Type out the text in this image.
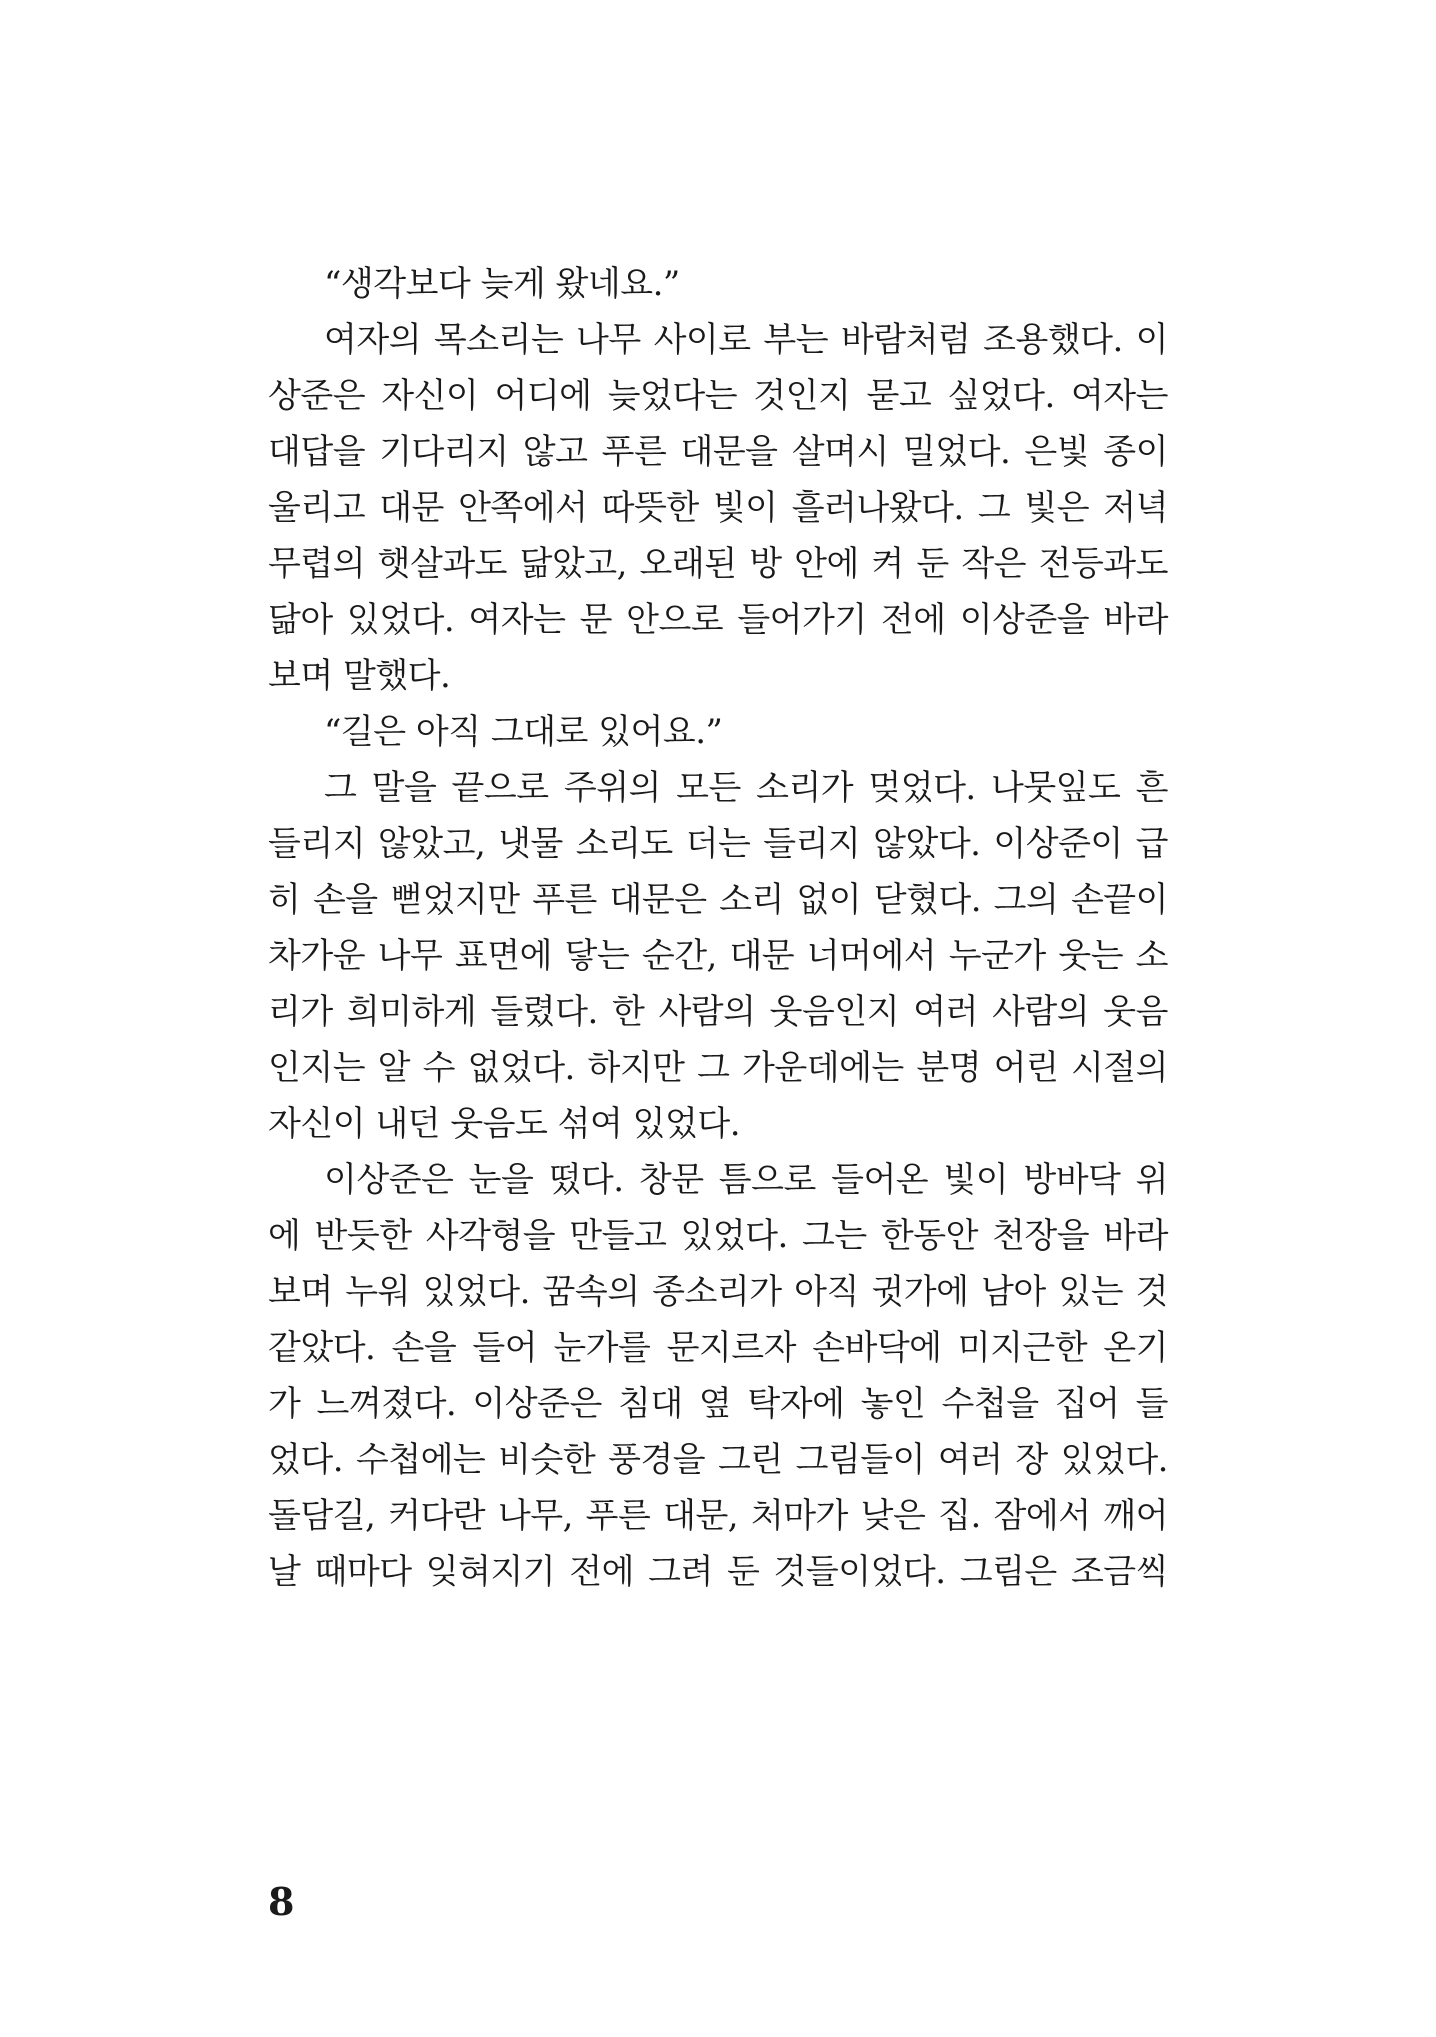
“생각보다 늦게 왔네요.”
여자의 목소리는 나무 사이로 부는 바람처럼 조용했다. 이
상준은 자신이 어디에 늦었다는 것인지 묻고 싶었다. 여자는
대답을 기다리지 않고 푸른 대문을 살며시 밀었다. 은빛 종이
울리고 대문 안쪽에서 따뜻한 빛이 흘러나왔다. 그 빛은 저녁
무렵의 햇살과도 닮았고, 오래된 방 안에 켜 둔 작은 전등과도
닮아 있었다. 여자는 문 안으로 들어가기 전에 이상준을 바라
보며 말했다.
“길은 아직 그대로 있어요.”
그 말을 끝으로 주위의 모든 소리가 멎었다. 나뭇잎도 흔
들리지 않았고, 냇물 소리도 더는 들리지 않았다. 이상준이 급
히 손을 뻗었지만 푸른 대문은 소리 없이 닫혔다. 그의 손끝이
차가운 나무 표면에 닿는 순간, 대문 너머에서 누군가 웃는 소
리가 희미하게 들렸다. 한 사람의 웃음인지 여러 사람의 웃음
인지는 알 수 없었다. 하지만 그 가운데에는 분명 어린 시절의
자신이 내던 웃음도 섞여 있었다.
이상준은 눈을 떴다. 창문 틈으로 들어온 빛이 방바닥 위
에 반듯한 사각형을 만들고 있었다. 그는 한동안 천장을 바라
보며 누워 있었다. 꿈속의 종소리가 아직 귓가에 남아 있는 것
같았다. 손을 들어 눈가를 문지르자 손바닥에 미지근한 온기
가 느껴졌다. 이상준은 침대 옆 탁자에 놓인 수첩을 집어 들
었다. 수첩에는 비슷한 풍경을 그린 그림들이 여러 장 있었다.
돌담길, 커다란 나무, 푸른 대문, 처마가 낮은 집. 잠에서 깨어
날 때마다 잊혀지기 전에 그려 둔 것들이었다. 그림은 조금씩
8
